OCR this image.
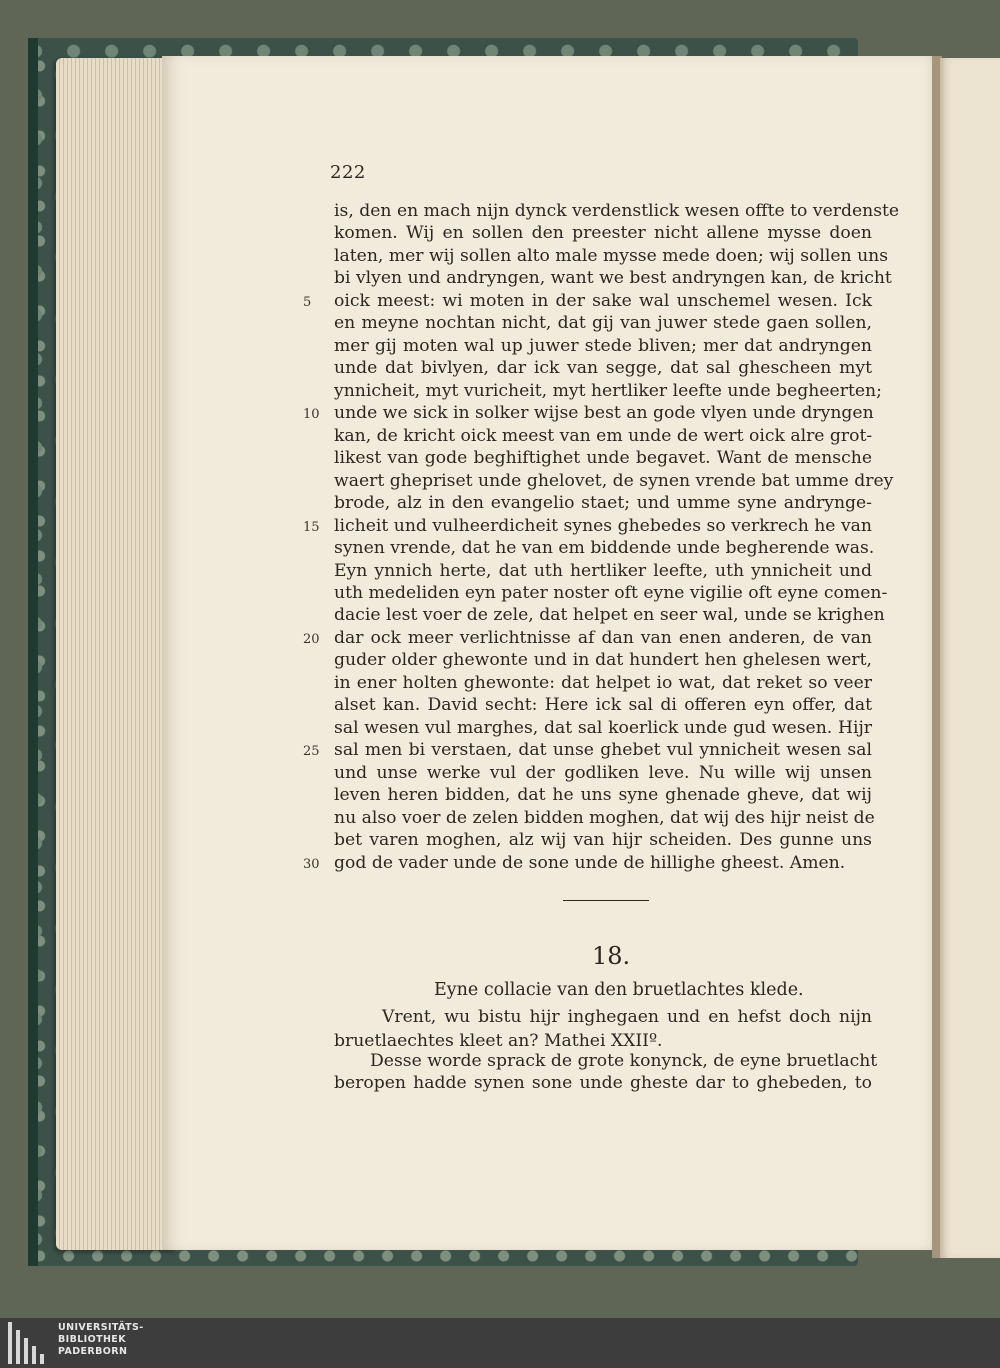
222
is, den en mach nijn dynck verdenstlick wesen offte to verdenste
komen. Wij en sollen den preester nicht allene mysse doen
laten, mer wij sollen alto male mysse mede doen; wij sollen uns
bi vlyen und andryngen, want we best andryngen kan, de kricht
oick meest: wi moten in der sake wal unschemel wesen. Ick
5
en meyne nochtan nicht, dat gij van juwer stede gaen sollen,
mer gij moten wal up juwer stede bliven; mer dat andryngen
unde dat bivlyen, dar ick van segge, dat sal ghescheen myt
ynnicheit, myt vuricheit, myt hertliker leefte unde begheerten;
unde we sick in solker wijse best an gode vlyen unde dryngen
10
kan, de kricht oick meest van em unde de wert oick alre grot-
likest van gode beghiftighet unde begavet. Want de mensche
waert ghepriset unde ghelovet, de synen vrende bat umme drey
brode, alz in den evangelio staet; und umme syne andrynge-
licheit und vulheerdicheit synes ghebedes so verkrech he van
15
synen vrende, dat he van em biddende unde begherende was.
Eyn ynnich herte, dat uth hertliker leefte, uth ynnicheit und
uth medeliden eyn pater noster oft eyne vigilie oft eyne comen-
dacie lest voer de zele, dat helpet en seer wal, unde se krighen
dar ock meer verlichtnisse af dan van enen anderen, de van
20
guder older ghewonte und in dat hundert hen ghelesen wert,
in ener holten ghewonte: dat helpet io wat, dat reket so veer
alset kan. David secht: Here ick sal di offeren eyn offer, dat
sal wesen vul marghes, dat sal koerlick unde gud wesen. Hijr
sal men bi verstaen, dat unse ghebet vul ynnicheit wesen sal
25
und unse werke vul der godliken leve. Nu wille wij unsen
leven heren bidden, dat he uns syne ghenade gheve, dat wij
nu also voer de zelen bidden moghen, dat wij des hijr neist de
bet varen moghen, alz wij van hijr scheiden. Des gunne uns
god de vader unde de sone unde de hillighe gheest. Amen.
30
18.
Eyne collacie van den bruetlachtes klede.
Vrent, wu bistu hijr inghegaen und en hefst doch nijn
bruetlaechtes kleet an? Mathei XXIIº.
Desse worde sprack de grote konynck, de eyne bruetlacht
beropen hadde synen sone unde gheste dar to ghebeden, to
UNIVERSITÄTS-
BIBLIOTHEK
PADERBORN
